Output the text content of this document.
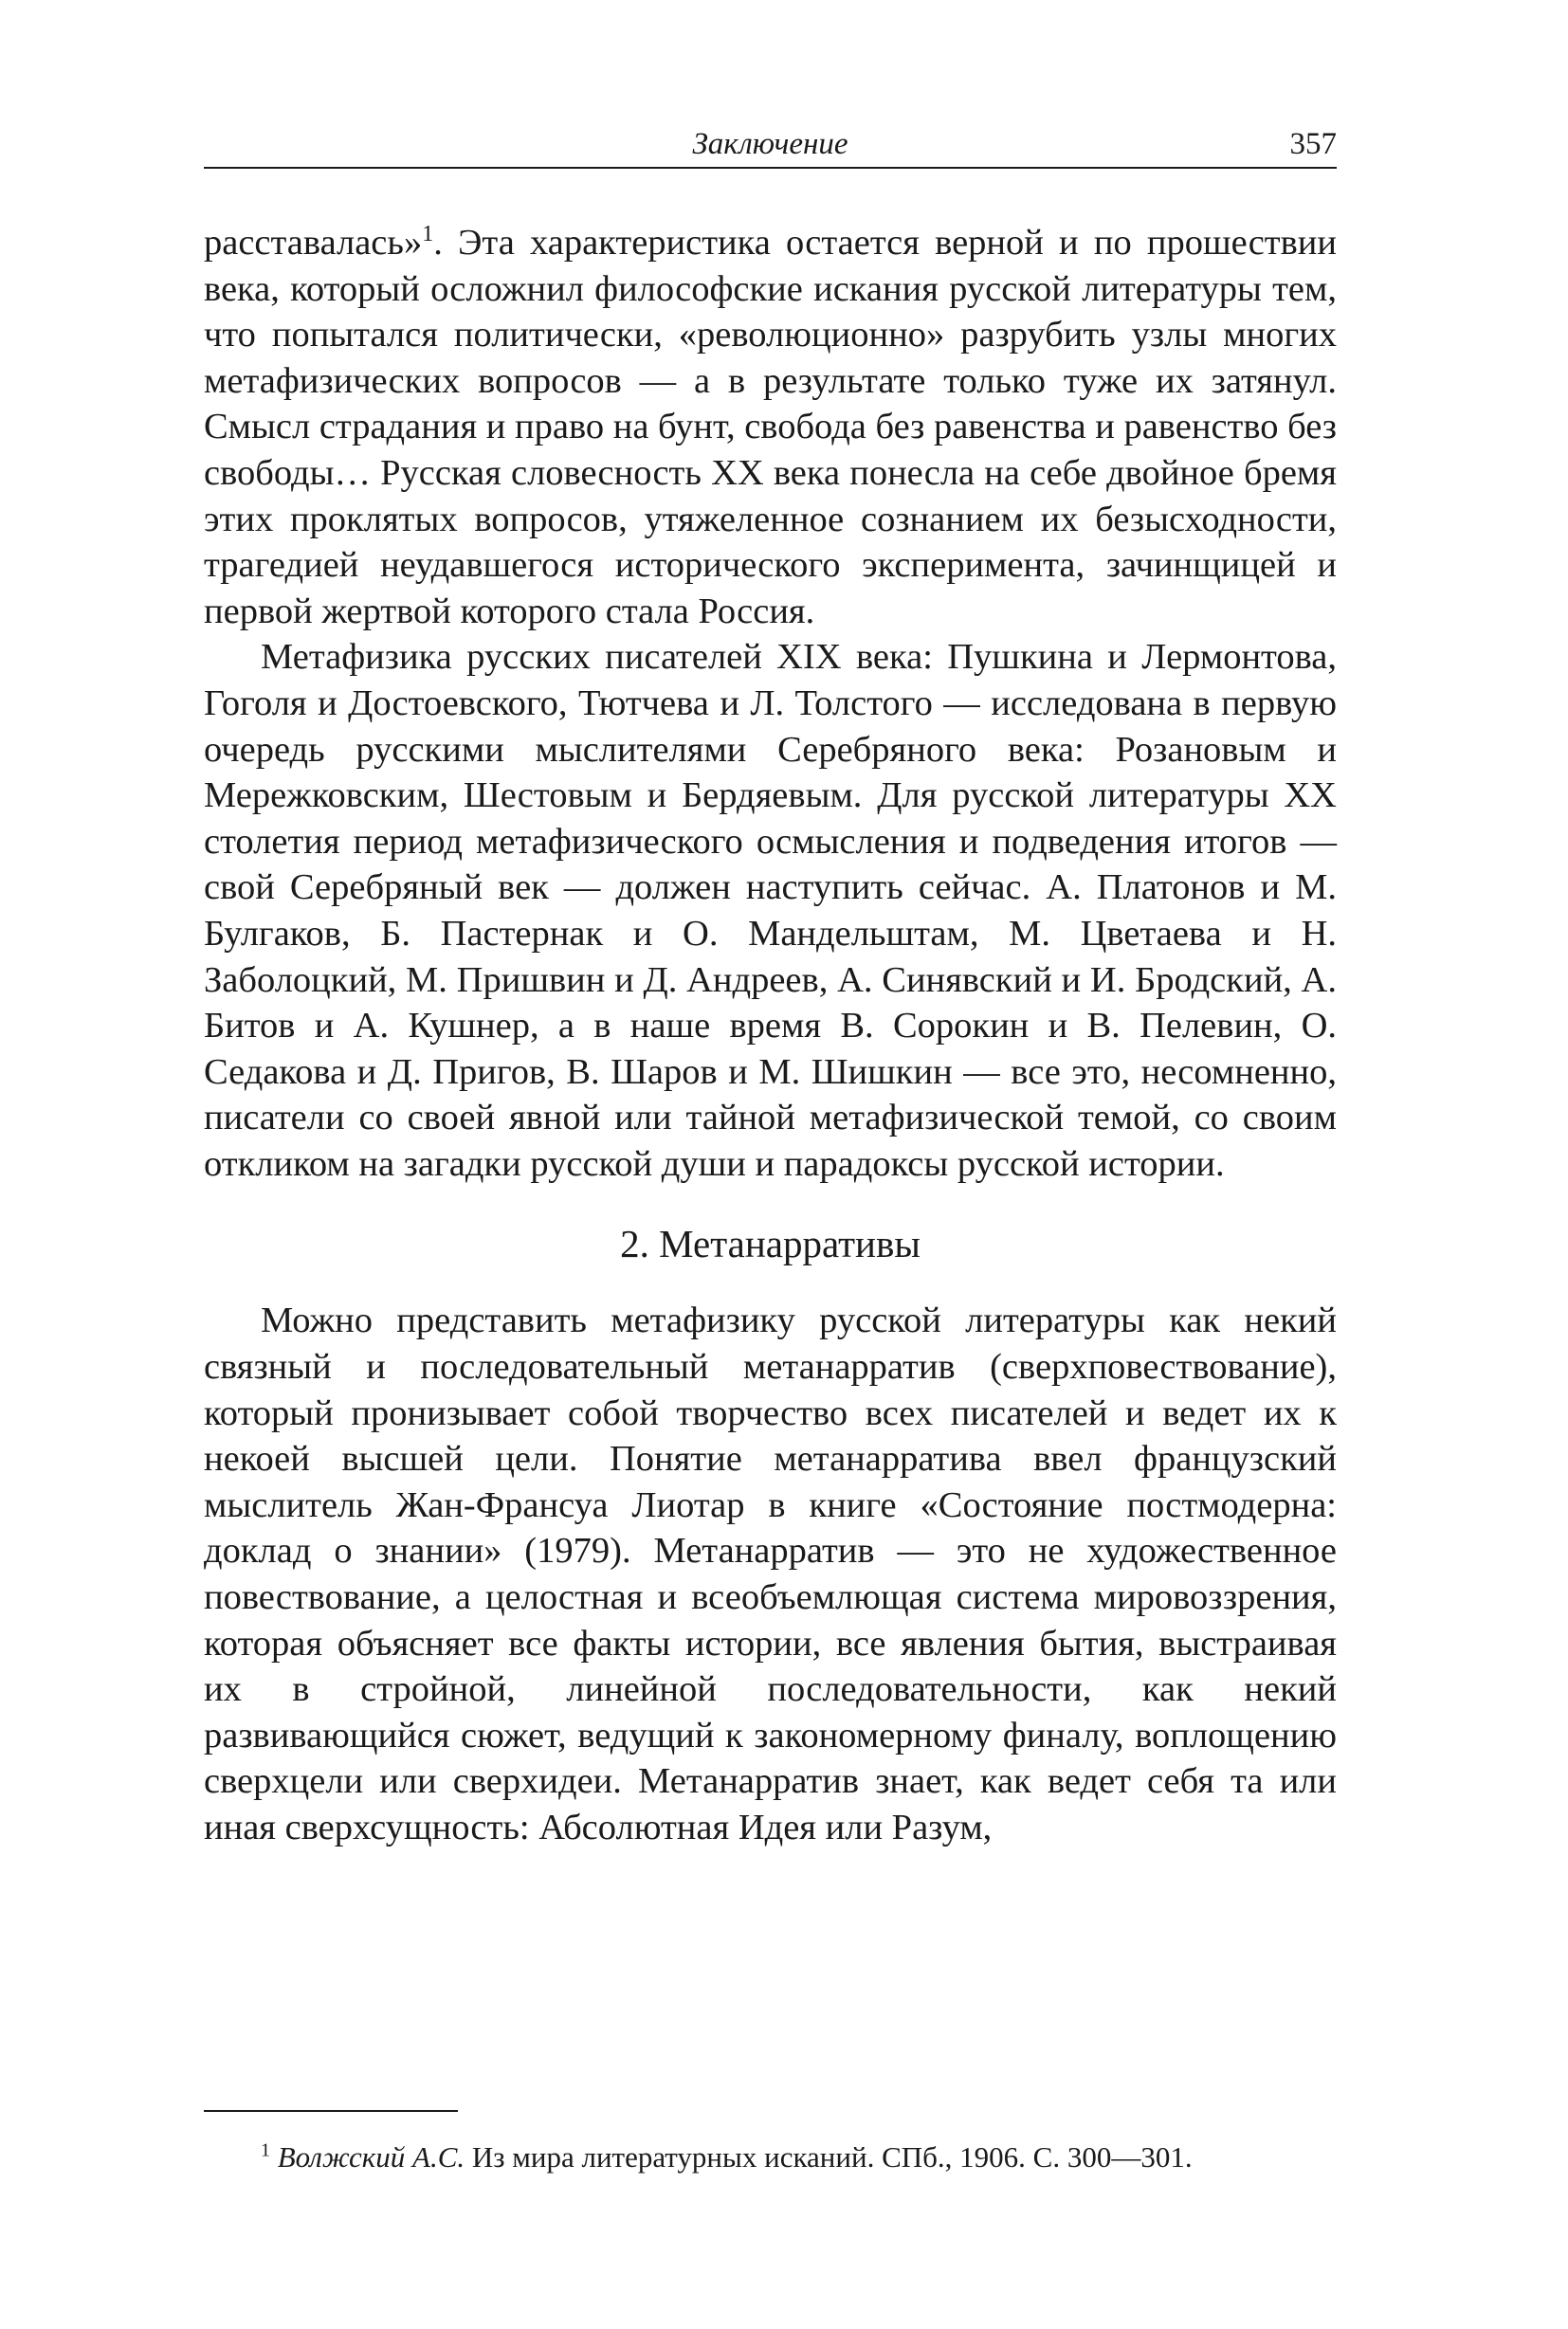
Заключение	357

расставалась»$^1$. Эта характеристика остается верной и по прошествии века, который осложнил философские искания русской литературы тем, что попытался политически, «революционно» разрубить узлы многих метафизических вопросов — а в результате только туже их затянул. Смысл страдания и право на бунт, свобода без равенства и равенство без свободы… Русская словесность XX века понесла на себе двойное бремя этих проклятых вопросов, утяжеленное сознанием их безысходности, трагедией неудавшегося исторического эксперимента, зачинщицей и первой жертвой которого стала Россия.

Метафизика русских писателей XIX века: Пушкина и Лермонтова, Гоголя и Достоевского, Тютчева и Л. Толстого — исследована в первую очередь русскими мыслителями Серебряного века: Розановым и Мережковским, Шестовым и Бердяевым. Для русской литературы XX столетия период метафизического осмысления и подведения итогов — свой Серебряный век — должен наступить сейчас. А. Платонов и М. Булгаков, Б. Пастернак и О. Мандельштам, М. Цветаева и Н. Заболоцкий, М. Пришвин и Д. Андреев, А. Синявский и И. Бродский, А. Битов и А. Кушнер, а в наше время В. Сорокин и В. Пелевин, О. Седакова и Д. Пригов, В. Шаров и М. Шишкин — все это, несомненно, писатели со своей явной или тайной метафизической темой, со своим откликом на загадки русской души и парадоксы русской истории.

2. Метанарративы

Можно представить метафизику русской литературы как некий связный и последовательный метанарратив (сверхповествование), который пронизывает собой творчество всех писателей и ведет их к некоей высшей цели. Понятие метанарратива ввел французский мыслитель Жан-Франсуа Лиотар в книге «Состояние постмодерна: доклад о знании» (1979). Метанарратив — это не художественное повествование, а целостная и всеобъемлющая система мировоззрения, которая объясняет все факты истории, все явления бытия, выстраивая их в стройной, линейной последовательности, как некий развивающийся сюжет, ведущий к закономерному финалу, воплощению сверхцели или сверхидеи. Метанарратив знает, как ведет себя та или иная сверхсущность: Абсолютная Идея или Разум,

$^1$ Волжский А.С. Из мира литературных исканий. СПб., 1906. С. 300—301.
